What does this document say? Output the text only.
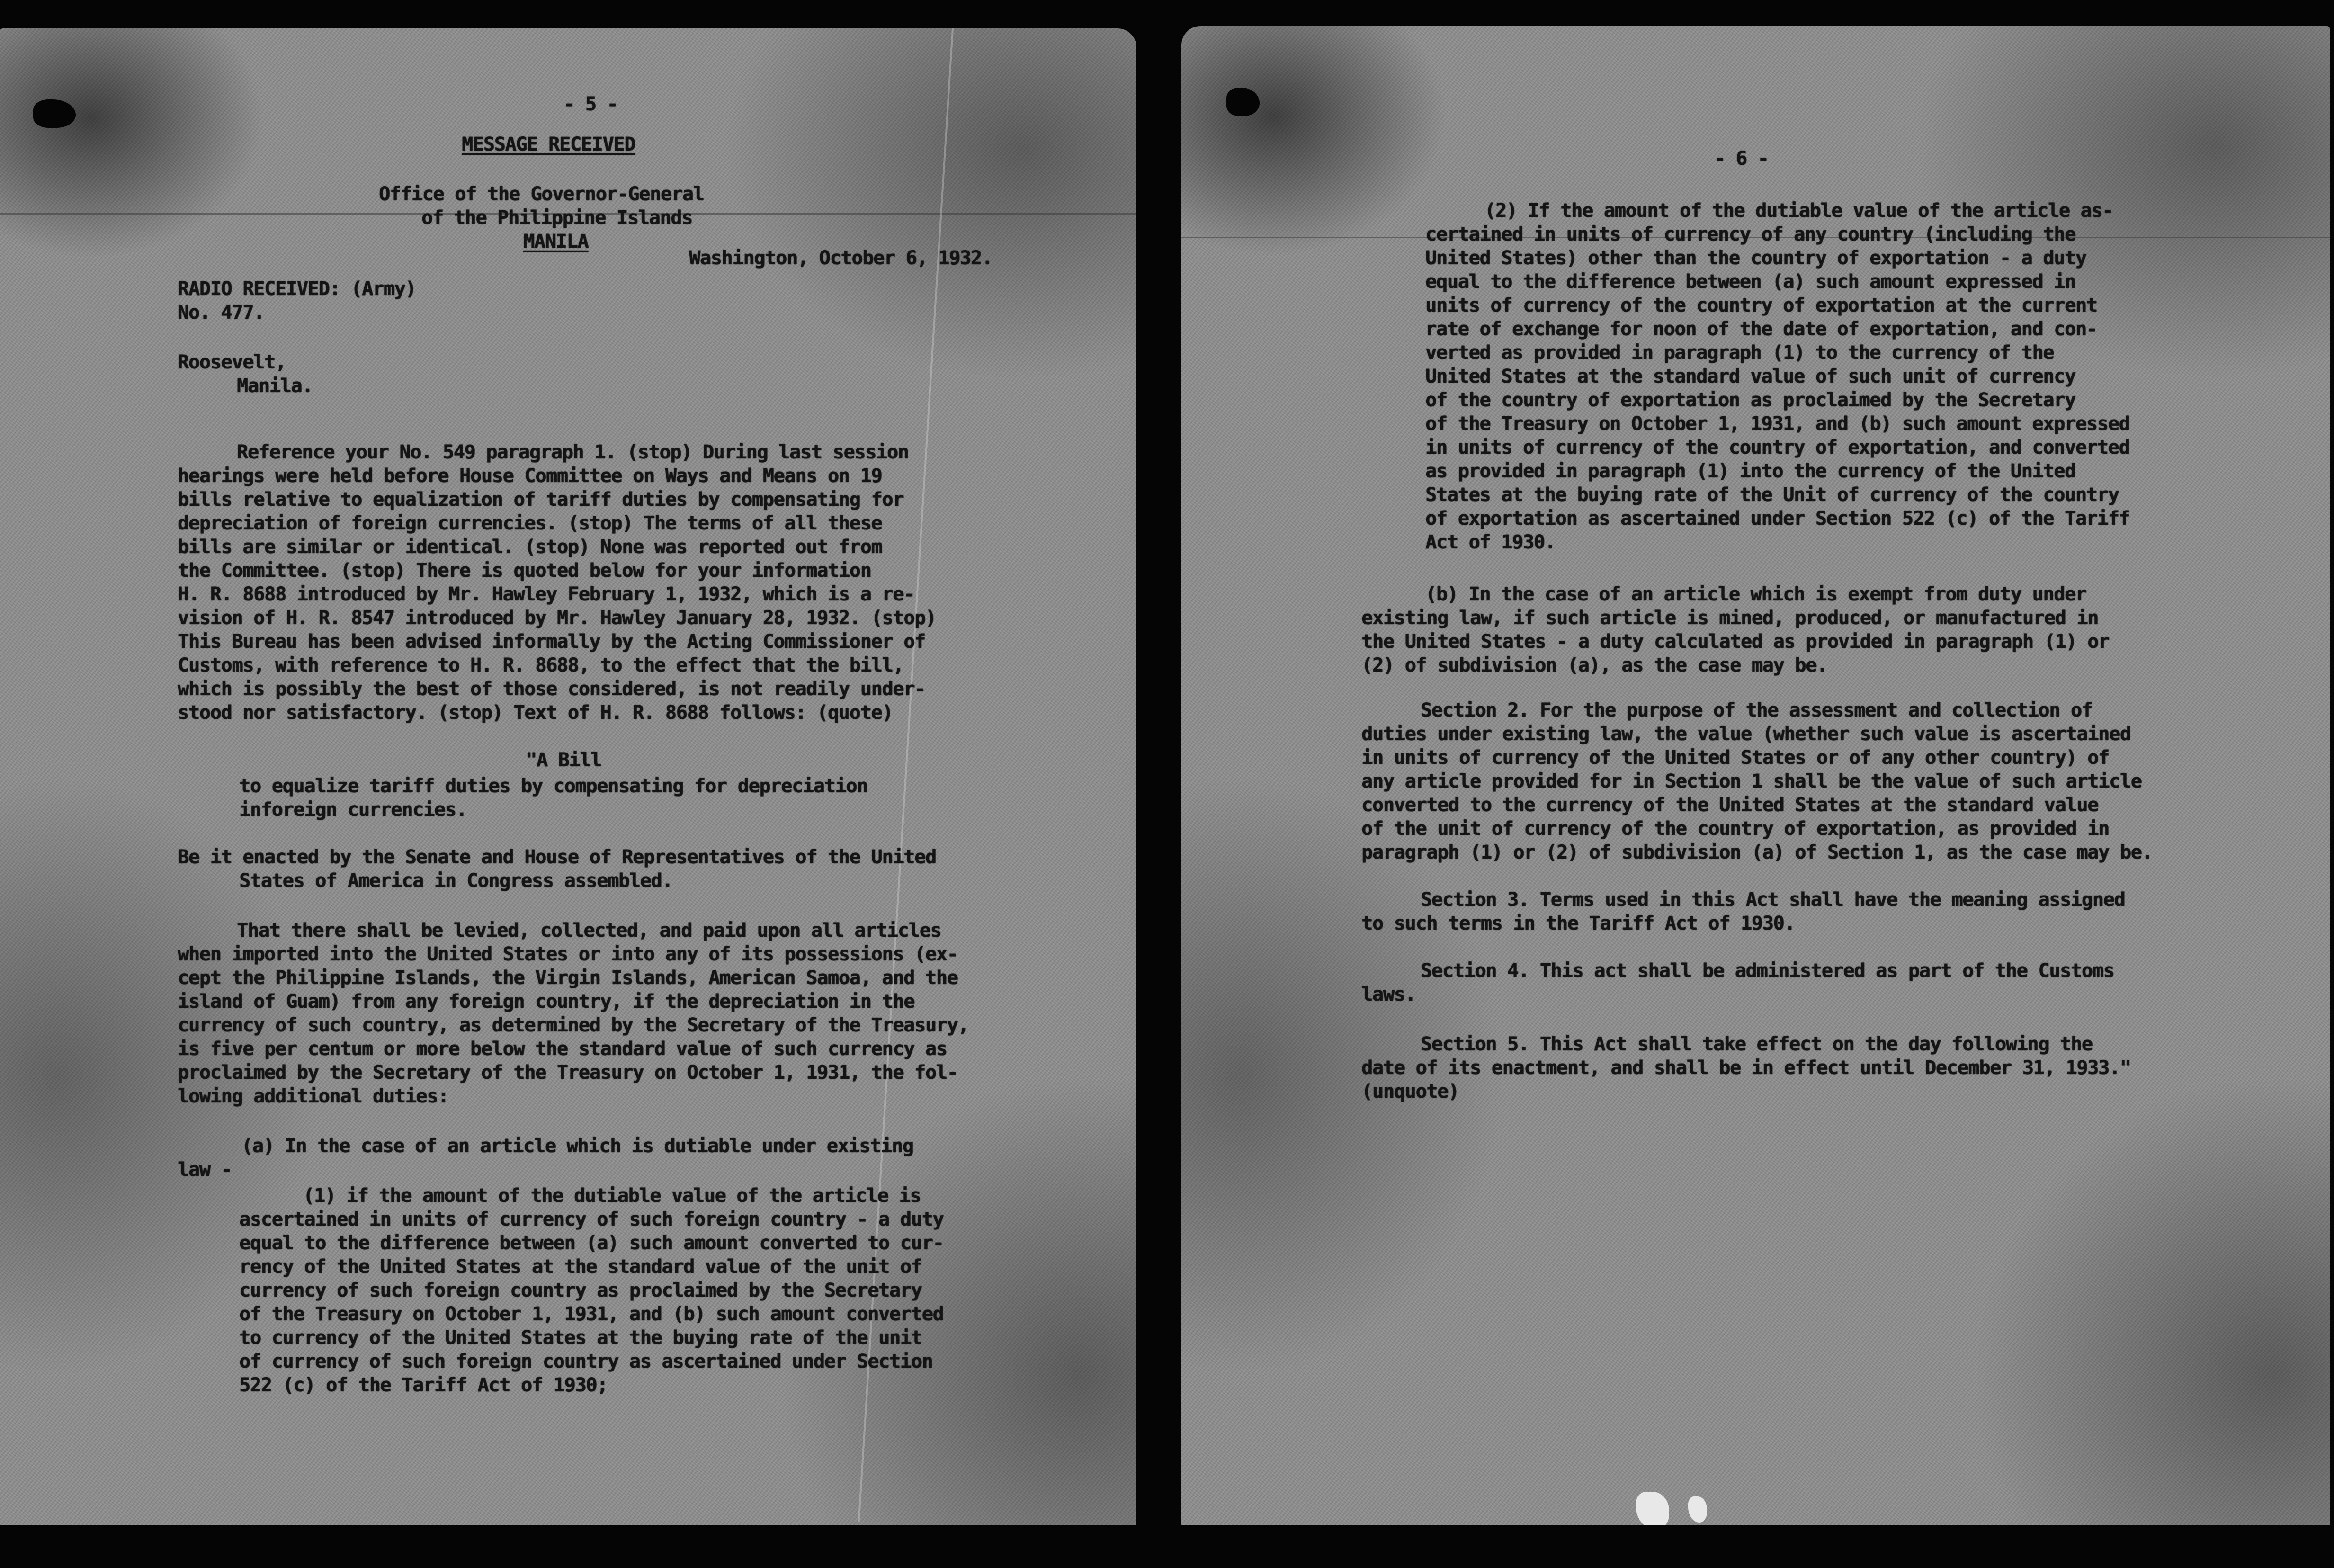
- 5 -
MESSAGE RECEIVED
Office of the Governor-General
of the Philippine Islands
MANILA
Washington, October 6, 1932.
RADIO RECEIVED: (Army)
No. 477.
Roosevelt,
Manila.
Reference your No. 549 paragraph 1. (stop) During last session
hearings were held before House Committee on Ways and Means on 19
bills relative to equalization of tariff duties by compensating for
depreciation of foreign currencies. (stop) The terms of all these
bills are similar or identical. (stop) None was reported out from
the Committee. (stop) There is quoted below for your information
H. R. 8688 introduced by Mr. Hawley February 1, 1932, which is a re-
vision of H. R. 8547 introduced by Mr. Hawley January 28, 1932. (stop)
This Bureau has been advised informally by the Acting Commissioner of
Customs, with reference to H. R. 8688, to the effect that the bill,
which is possibly the best of those considered, is not readily under-
stood nor satisfactory. (stop) Text of H. R. 8688 follows: (quote)
"A Bill
to equalize tariff duties by compensating for depreciation
inforeign currencies.
Be it enacted by the Senate and House of Representatives of the United
States of America in Congress assembled.
That there shall be levied, collected, and paid upon all articles
when imported into the United States or into any of its possessions (ex-
cept the Philippine Islands, the Virgin Islands, American Samoa, and the
island of Guam) from any foreign country, if the depreciation in the
currency of such country, as determined by the Secretary of the Treasury,
is five per centum or more below the standard value of such currency as
proclaimed by the Secretary of the Treasury on October 1, 1931, the fol-
lowing additional duties:
(a) In the case of an article which is dutiable under existing
law -
(1) if the amount of the dutiable value of the article is
ascertained in units of currency of such foreign country - a duty
equal to the difference between (a) such amount converted to cur-
rency of the United States at the standard value of the unit of
currency of such foreign country as proclaimed by the Secretary
of the Treasury on October 1, 1931, and (b) such amount converted
to currency of the United States at the buying rate of the unit
of currency of such foreign country as ascertained under Section
522 (c) of the Tariff Act of 1930;
- 6 -
(2) If the amount of the dutiable value of the article as-
certained in units of currency of any country (including the
United States) other than the country of exportation - a duty
equal to the difference between (a) such amount expressed in
units of currency of the country of exportation at the current
rate of exchange for noon of the date of exportation, and con-
verted as provided in paragraph (1) to the currency of the
United States at the standard value of such unit of currency
of the country of exportation as proclaimed by the Secretary
of the Treasury on October 1, 1931, and (b) such amount expressed
in units of currency of the country of exportation, and converted
as provided in paragraph (1) into the currency of the United
States at the buying rate of the Unit of currency of the country
of exportation as ascertained under Section 522 (c) of the Tariff
Act of 1930.
(b) In the case of an article which is exempt from duty under
existing law, if such article is mined, produced, or manufactured in
the United States - a duty calculated as provided in paragraph (1) or
(2) of subdivision (a), as the case may be.
Section 2. For the purpose of the assessment and collection of
duties under existing law, the value (whether such value is ascertained
in units of currency of the United States or of any other country) of
any article provided for in Section 1 shall be the value of such article
converted to the currency of the United States at the standard value
of the unit of currency of the country of exportation, as provided in
paragraph (1) or (2) of subdivision (a) of Section 1, as the case may be.
Section 3. Terms used in this Act shall have the meaning assigned
to such terms in the Tariff Act of 1930.
Section 4. This act shall be administered as part of the Customs
laws.
Section 5. This Act shall take effect on the day following the
date of its enactment, and shall be in effect until December 31, 1933."
(unquote)
